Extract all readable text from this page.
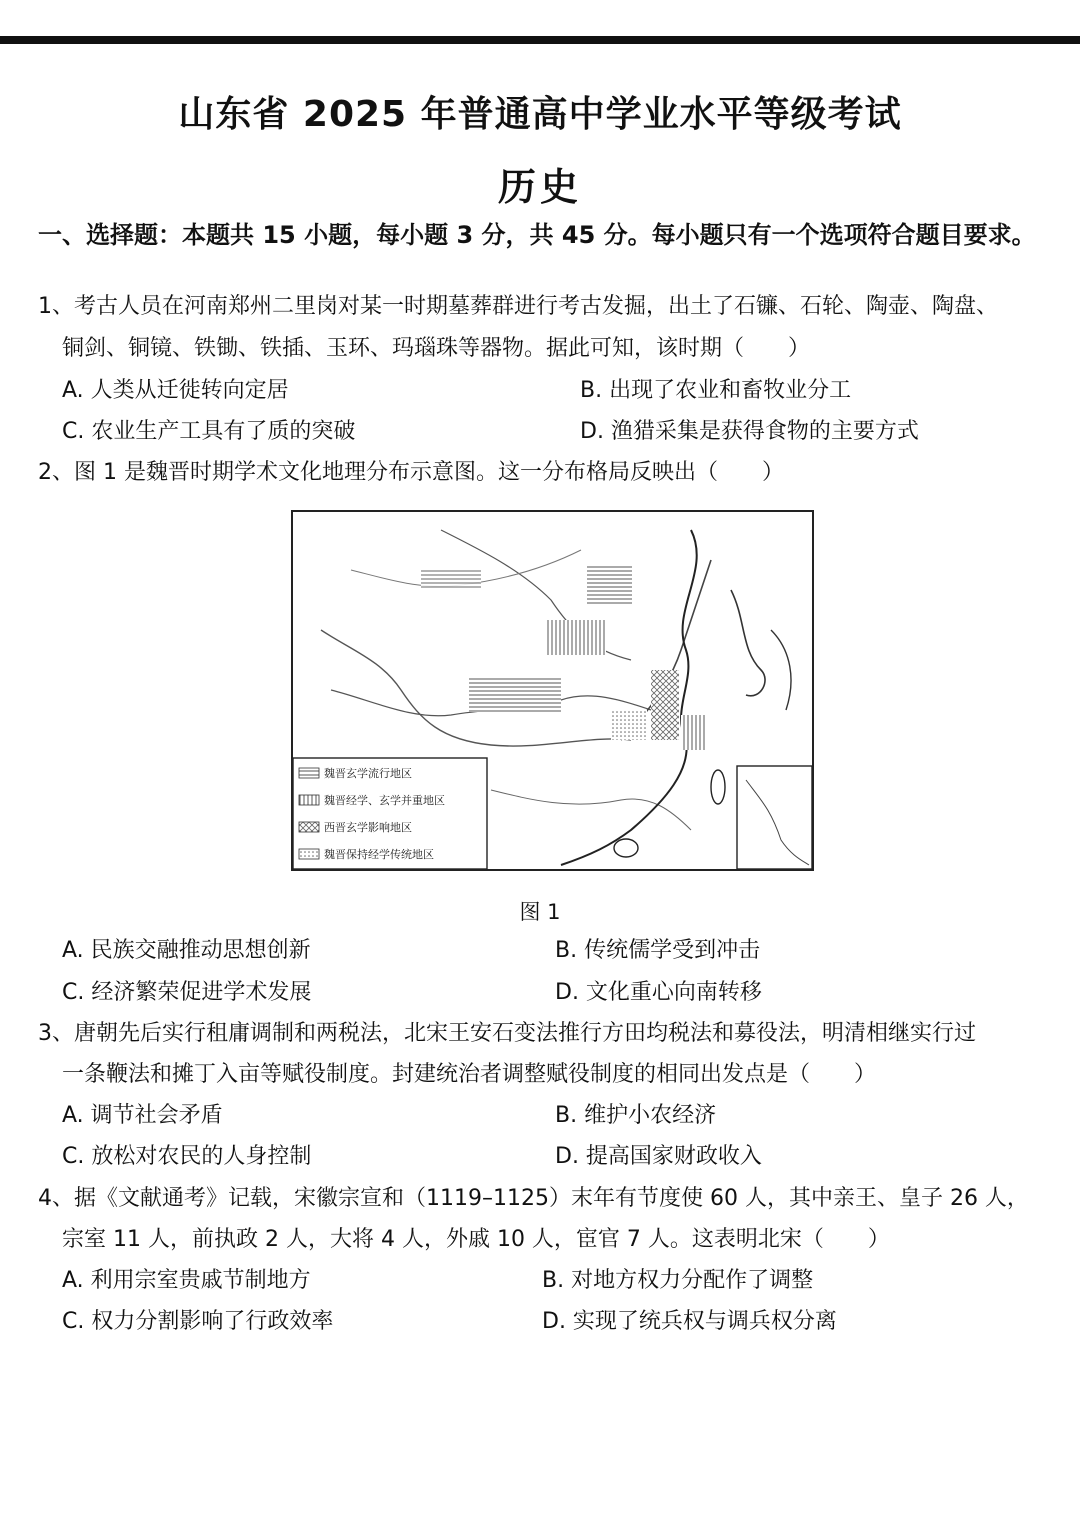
山东省 2025 年普通高中学业水平等级考试
历史
一、选择题：本题共 15 小题，每小题 3 分，共 45 分。每小题只有一个选项符合题目要求。
1、考古人员在河南郑州二里岗对某一时期墓葬群进行考古发掘，出土了石镰、石轮、陶壶、陶盘、
铜剑、铜镜、铁锄、铁插、玉环、玛瑙珠等器物。据此可知，该时期（　　）
A. 人类从迁徙转向定居	B. 出现了农业和畜牧业分工
C. 农业生产工具有了质的突破	D. 渔猎采集是获得食物的主要方式
2、图 1 是魏晋时期学术文化地理分布示意图。这一分布格局反映出（　　）
魏晋玄学流行地区
魏晋经学、玄学并重地区
西晋玄学影响地区
魏晋保持经学传统地区
图 1
A. 民族交融推动思想创新	B. 传统儒学受到冲击
C. 经济繁荣促进学术发展	D. 文化重心向南转移
3、唐朝先后实行租庸调制和两税法，北宋王安石变法推行方田均税法和募役法，明清相继实行过
一条鞭法和摊丁入亩等赋役制度。封建统治者调整赋役制度的相同出发点是（　　）
A. 调节社会矛盾	B. 维护小农经济
C. 放松对农民的人身控制	D. 提高国家财政收入
4、据《文献通考》记载，宋徽宗宣和（1119–1125）末年有节度使 60 人，其中亲王、皇子 26 人，
宗室 11 人，前执政 2 人，大将 4 人，外戚 10 人，宦官 7 人。这表明北宋（　　）
A. 利用宗室贵戚节制地方	B. 对地方权力分配作了调整
C. 权力分割影响了行政效率	D. 实现了统兵权与调兵权分离
